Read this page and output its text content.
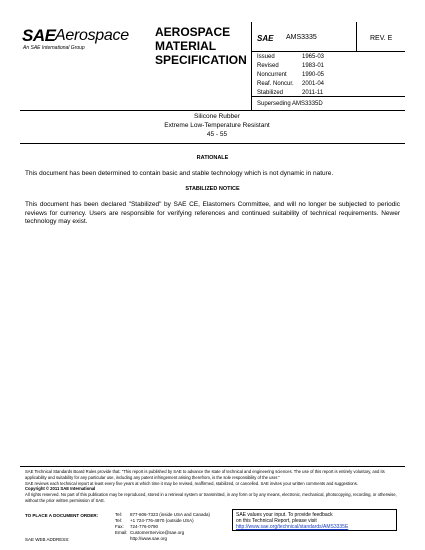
SAE Aerospace
An SAE International Group
AEROSPACE
MATERIAL
SPECIFICATION
SAE AMS3335	REV. E
Issued	1965-03
Revised	1983-01
Noncurrent	1990-05
Reaf. Noncur.	2001-04
Stabilized	2011-11
Superseding AMS3335D
Silicone Rubber
Extreme Low-Temperature Resistant
45 - 55
RATIONALE
This document has been determined to contain basic and stable technology which is not dynamic in nature.
STABILIZED NOTICE
This document has been declared "Stabilized" by SAE CE, Elastomers Committee, and will no longer be subjected to periodic reviews for currency. Users are responsible for verifying references and continued suitability of technical requirements. Newer technology may exist.
SAE Technical Standards Board Rules provide that: "This report is published by SAE to advance the state of technical and engineering sciences. The use of this report is entirely voluntary, and its applicability and suitability for any particular use, including any patent infringement arising therefrom, is the sole responsibility of the user."
SAE reviews each technical report at least every five years at which time it may be revised, reaffirmed, stabilized, or cancelled. SAE invites your written comments and suggestions.
Copyright © 2011 SAE International
All rights reserved. No part of this publication may be reproduced, stored in a retrieval system or transmitted, in any form or by any means, electronic, mechanical, photocopying, recording, or otherwise, without the prior written permission of SAE.
TO PLACE A DOCUMENT ORDER:	Tel: 877-606-7323 (inside USA and Canada)
Tel: +1 724-776-4970 (outside USA)
Fax: 724-776-0790
Email: CustomerService@sae.org
http://www.sae.org
SAE values your input. To provide feedback
on this Technical Report, please visit
http://www.sae.org/technical/standards/AMS3335E
SAE WEB ADDRESS:
